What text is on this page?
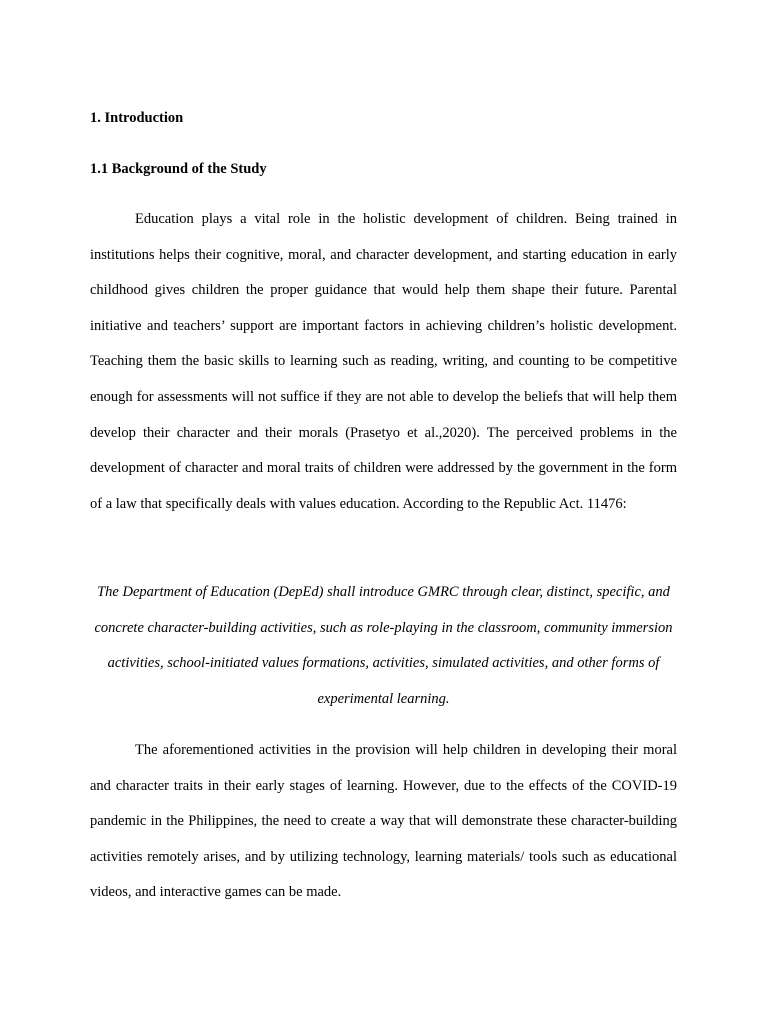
1. Introduction
1.1 Background of the Study

Education plays a vital role in the holistic development of children. Being trained in institutions helps their cognitive, moral, and character development, and starting education in early childhood gives children the proper guidance that would help them shape their future. Parental initiative and teachers’ support are important factors in achieving children’s holistic development. Teaching them the basic skills to learning such as reading, writing, and counting to be competitive enough for assessments will not suffice if they are not able to develop the beliefs that will help them develop their character and their morals (Prasetyo et al.,2020). The perceived problems in the development of character and moral traits of children were addressed by the government in the form of a law that specifically deals with values education. According to the Republic Act. 11476:

The Department of Education (DepEd) shall introduce GMRC through clear, distinct, specific, and concrete character-building activities, such as role-playing in the classroom, community immersion activities, school-initiated values formations, activities, simulated activities, and other forms of experimental learning.

The aforementioned activities in the provision will help children in developing their moral and character traits in their early stages of learning. However, due to the effects of the COVID-19 pandemic in the Philippines, the need to create a way that will demonstrate these character-building activities remotely arises, and by utilizing technology, learning materials/ tools such as educational videos, and interactive games can be made.
